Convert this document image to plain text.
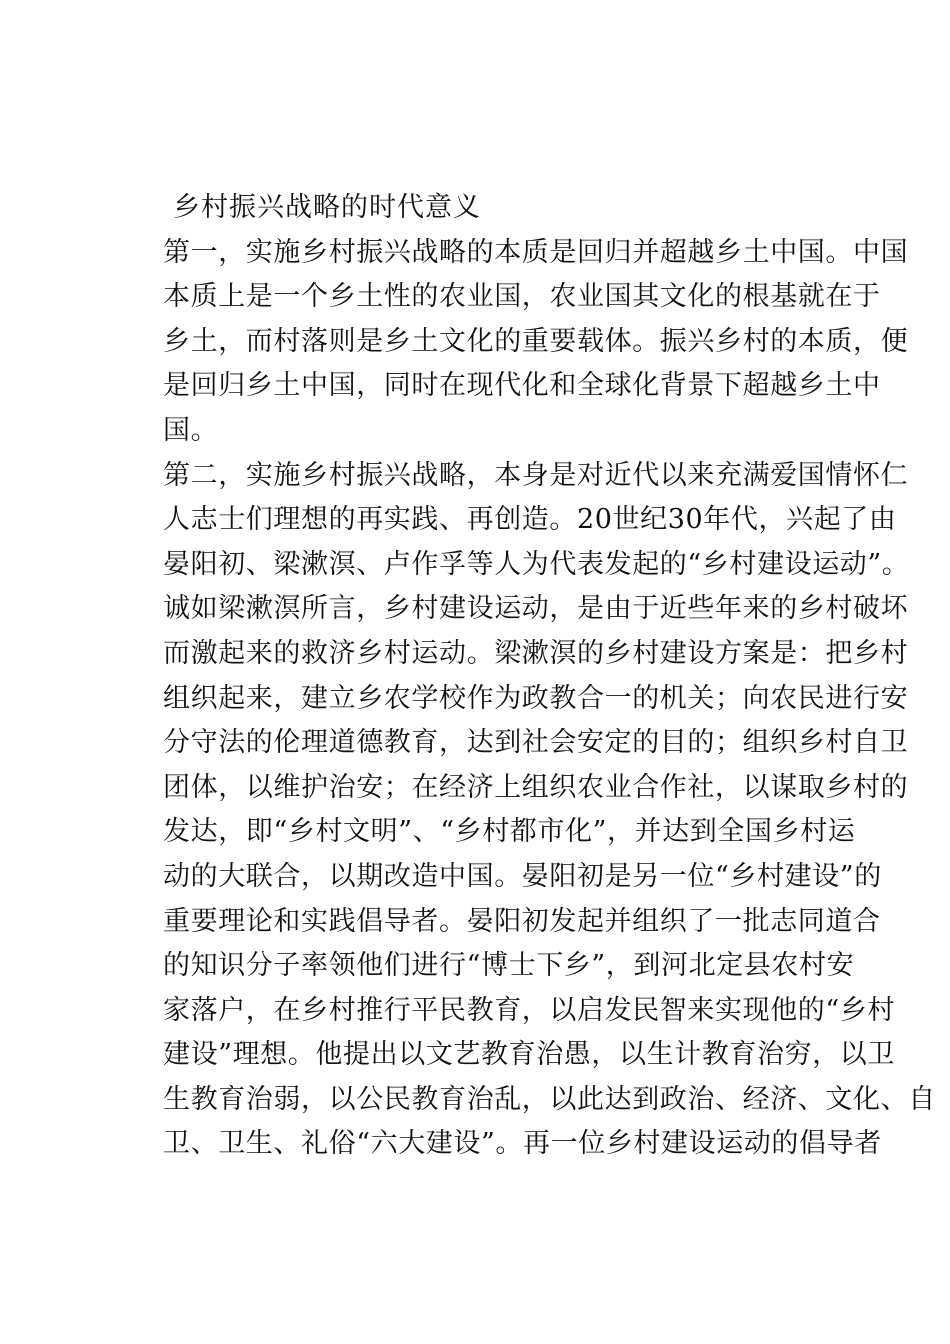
乡村振兴战略的时代意义
第一，实施乡村振兴战略的本质是回归并超越乡土中国。中国
本质上是一个乡土性的农业国，农业国其文化的根基就在于
乡土，而村落则是乡土文化的重要载体。振兴乡村的本质，便
是回归乡土中国，同时在现代化和全球化背景下超越乡土中
国。
第二，实施乡村振兴战略，本身是对近代以来充满爱国情怀仁
人志士们理想的再实践、再创造。20世纪30年代，兴起了由
晏阳初、梁漱溟、卢作孚等人为代表发起的“乡村建设运动”。
诚如梁漱溟所言，乡村建设运动，是由于近些年来的乡村破坏
而激起来的救济乡村运动。梁漱溟的乡村建设方案是：把乡村
组织起来，建立乡农学校作为政教合一的机关；向农民进行安
分守法的伦理道德教育，达到社会安定的目的；组织乡村自卫
团体，以维护治安；在经济上组织农业合作社，以谋取乡村的
发达，即“乡村文明”、“乡村都市化”，并达到全国乡村运
动的大联合，以期改造中国。晏阳初是另一位“乡村建设”的
重要理论和实践倡导者。晏阳初发起并组织了一批志同道合
的知识分子率领他们进行“博士下乡”，到河北定县农村安
家落户，在乡村推行平民教育，以启发民智来实现他的“乡村
建设”理想。他提出以文艺教育治愚，以生计教育治穷，以卫
生教育治弱，以公民教育治乱，以此达到政治、经济、文化、自
卫、卫生、礼俗“六大建设”。再一位乡村建设运动的倡导者
